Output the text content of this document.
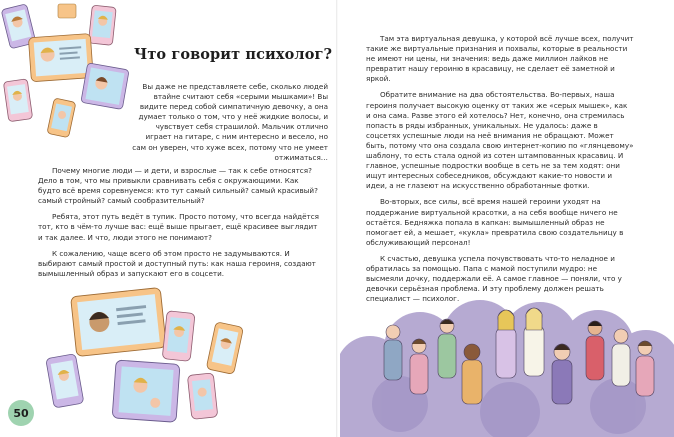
Что говорит психолог?

Вы даже не представляете себе, сколько людей втайне считают себя «серыми мышками»! Вы видите перед собой симпатичную девочку, а она думает только о том, что у неё жидкие волосы, и чувствует себя страшилой. Мальчик отлично играет на гитаре, с ним интересно и весело, но сам он уверен, что хуже всех, потому что не умеет отжиматься…

Почему многие люди — и дети, и взрослые — так к себе относятся? Дело в том, что мы привыкли сравнивать себя с окружающими. Как будто всё время соревнуемся: кто тут самый сильный? самый красивый? самый стройный? самый сообразительный?

Ребята, этот путь ведёт в тупик. Просто потому, что всегда найдётся тот, кто в чём-то лучше вас: ещё выше прыгает, ещё красивее выглядит и так далее. И что, люди этого не понимают?

К сожалению, чаще всего об этом просто не задумываются. И выбирают самый простой и доступный путь: как наша героиня, создают вымышленный образ и запускают его в соцсети.

50

Там эта виртуальная девушка, у которой всё лучше всех, получит такие же виртуальные признания и похвалы, которые в реальности не имеют ни цены, ни значения: ведь даже миллион лайков не превратит нашу героиню в красавицу, не сделает её заметной и яркой.

Обратите внимание на два обстоятельства. Во-первых, наша героиня получает высокую оценку от таких же «серых мышек», как и она сама. Разве этого ей хотелось? Нет, конечно, она стремилась попасть в ряды избранных, уникальных. Не удалось: даже в соцсетях успешные люди на неё внимания не обращают. Может быть, потому что она создала свою интернет-копию по «глянцевому» шаблону, то есть стала одной из сотен штампованных красавиц. И главное, успешные подростки вообще в сеть не за тем ходят: они ищут интересных собеседников, обсуждают какие-то новости и идеи, а не глазеют на искусственно обработанные фотки.

Во-вторых, все силы, всё время нашей героини уходят на поддержание виртуальной красотки, а на себя вообще ничего не остаётся. Бедняжка попала в капкан: вымышленный образ не помогает ей, а мешает, «кукла» превратила свою создательницу в обслуживающий персонал!

К счастью, девушка успела почувствовать что-то неладное и обратилась за помощью. Папа с мамой поступили мудро: не высмеяли дочку, поддержали её. А самое главное — поняли, что у девочки серьёзная проблема. И эту проблему должен решать специалист — психолог.
